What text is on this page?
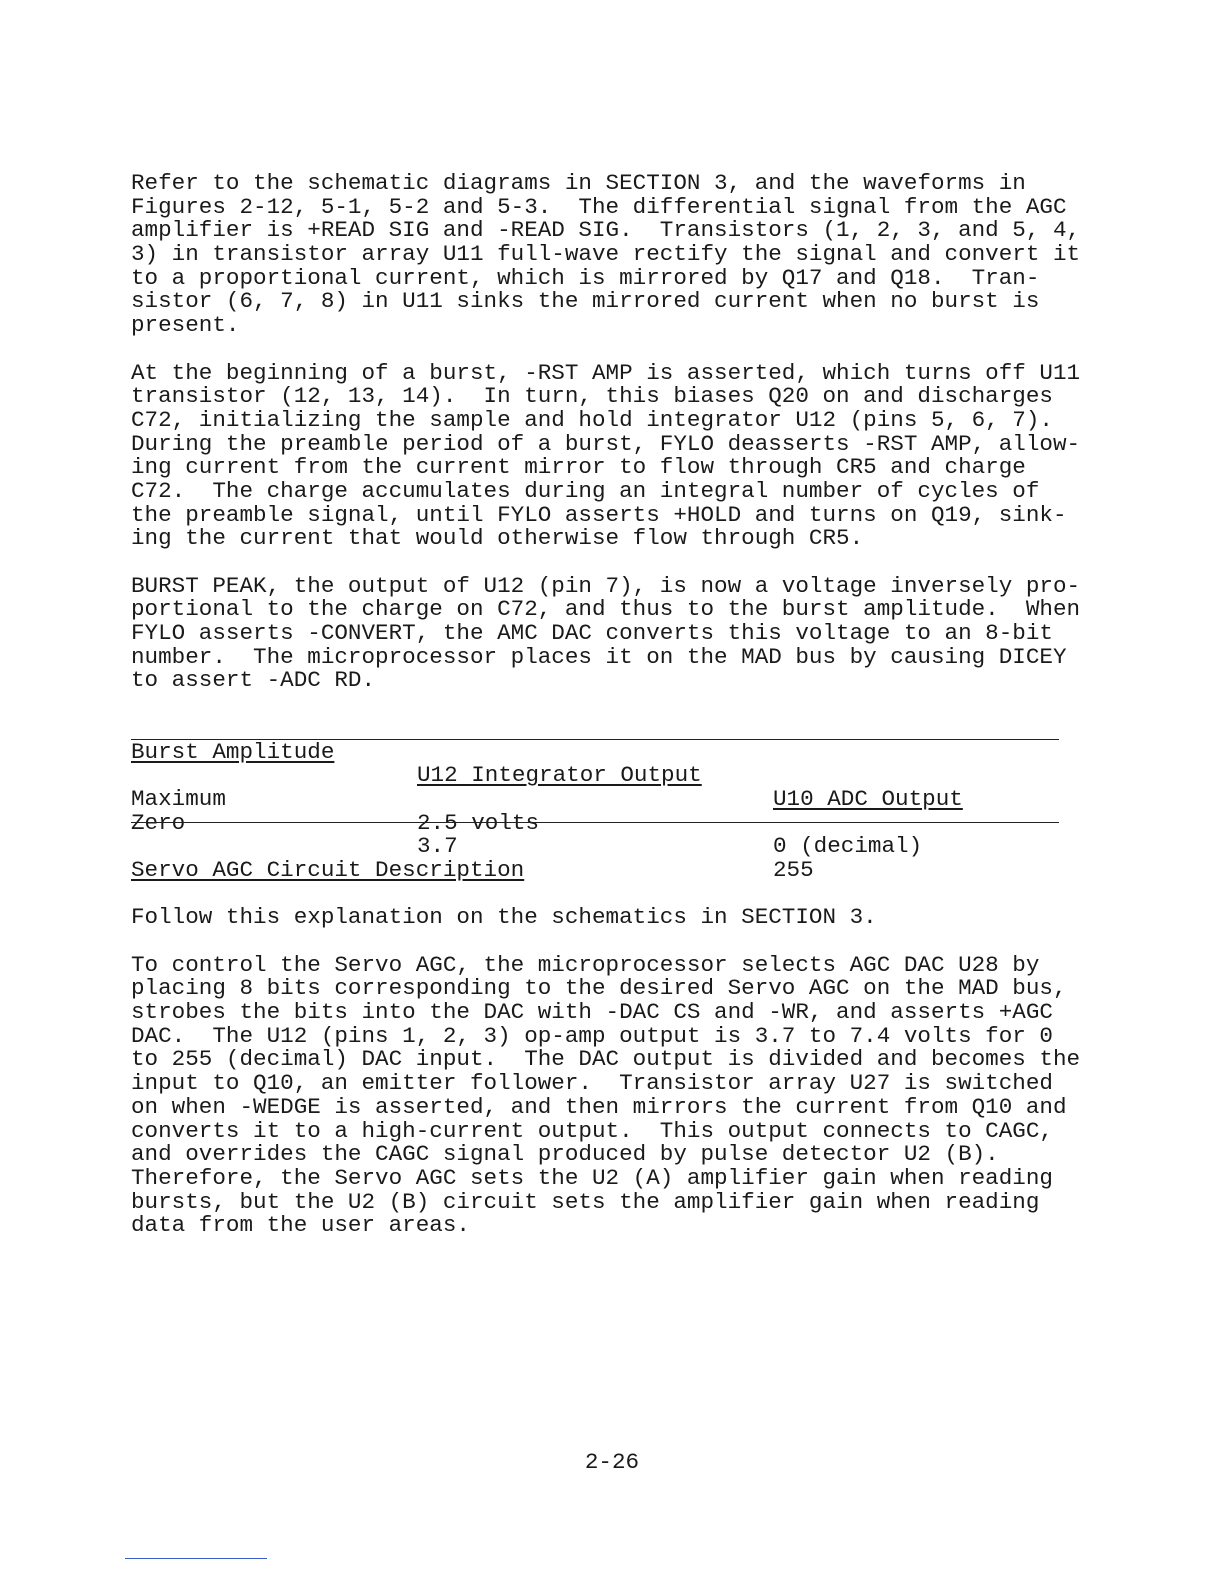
Refer to the schematic diagrams in SECTION 3, and the waveforms in
Figures 2-12, 5-1, 5-2 and 5-3.  The differential signal from the AGC
amplifier is +READ SIG and -READ SIG.  Transistors (1, 2, 3, and 5, 4,
3) in transistor array U11 full-wave rectify the signal and convert it
to a proportional current, which is mirrored by Q17 and Q18.  Tran-
sistor (6, 7, 8) in U11 sinks the mirrored current when no burst is
present.
At the beginning of a burst, -RST AMP is asserted, which turns off U11
transistor (12, 13, 14).  In turn, this biases Q20 on and discharges
C72, initializing the sample and hold integrator U12 (pins 5, 6, 7).
During the preamble period of a burst, FYLO deasserts -RST AMP, allow-
ing current from the current mirror to flow through CR5 and charge
C72.  The charge accumulates during an integral number of cycles of
the preamble signal, until FYLO asserts +HOLD and turns on Q19, sink-
ing the current that would otherwise flow through CR5.
BURST PEAK, the output of U12 (pin 7), is now a voltage inversely pro-
portional to the charge on C72, and thus to the burst amplitude.  When
FYLO asserts -CONVERT, the AMC DAC converts this voltage to an 8-bit
number.  The microprocessor places it on the MAD bus by causing DICEY
to assert -ADC RD.

Burst Amplitude

U12 Integrator Output

U10 ADC Output

Maximum

2.5 volts

0 (decimal)

Zero

3.7

255

Servo AGC Circuit Description
Follow this explanation on the schematics in SECTION 3.
To control the Servo AGC, the microprocessor selects AGC DAC U28 by
placing 8 bits corresponding to the desired Servo AGC on the MAD bus,
strobes the bits into the DAC with -DAC CS and -WR, and asserts +AGC
DAC.  The U12 (pins 1, 2, 3) op-amp output is 3.7 to 7.4 volts for 0
to 255 (decimal) DAC input.  The DAC output is divided and becomes the
input to Q10, an emitter follower.  Transistor array U27 is switched
on when -WEDGE is asserted, and then mirrors the current from Q10 and
converts it to a high-current output.  This output connects to CAGC,
and overrides the CAGC signal produced by pulse detector U2 (B).
Therefore, the Servo AGC sets the U2 (A) amplifier gain when reading
bursts, but the U2 (B) circuit sets the amplifier gain when reading
data from the user areas.
2-26
